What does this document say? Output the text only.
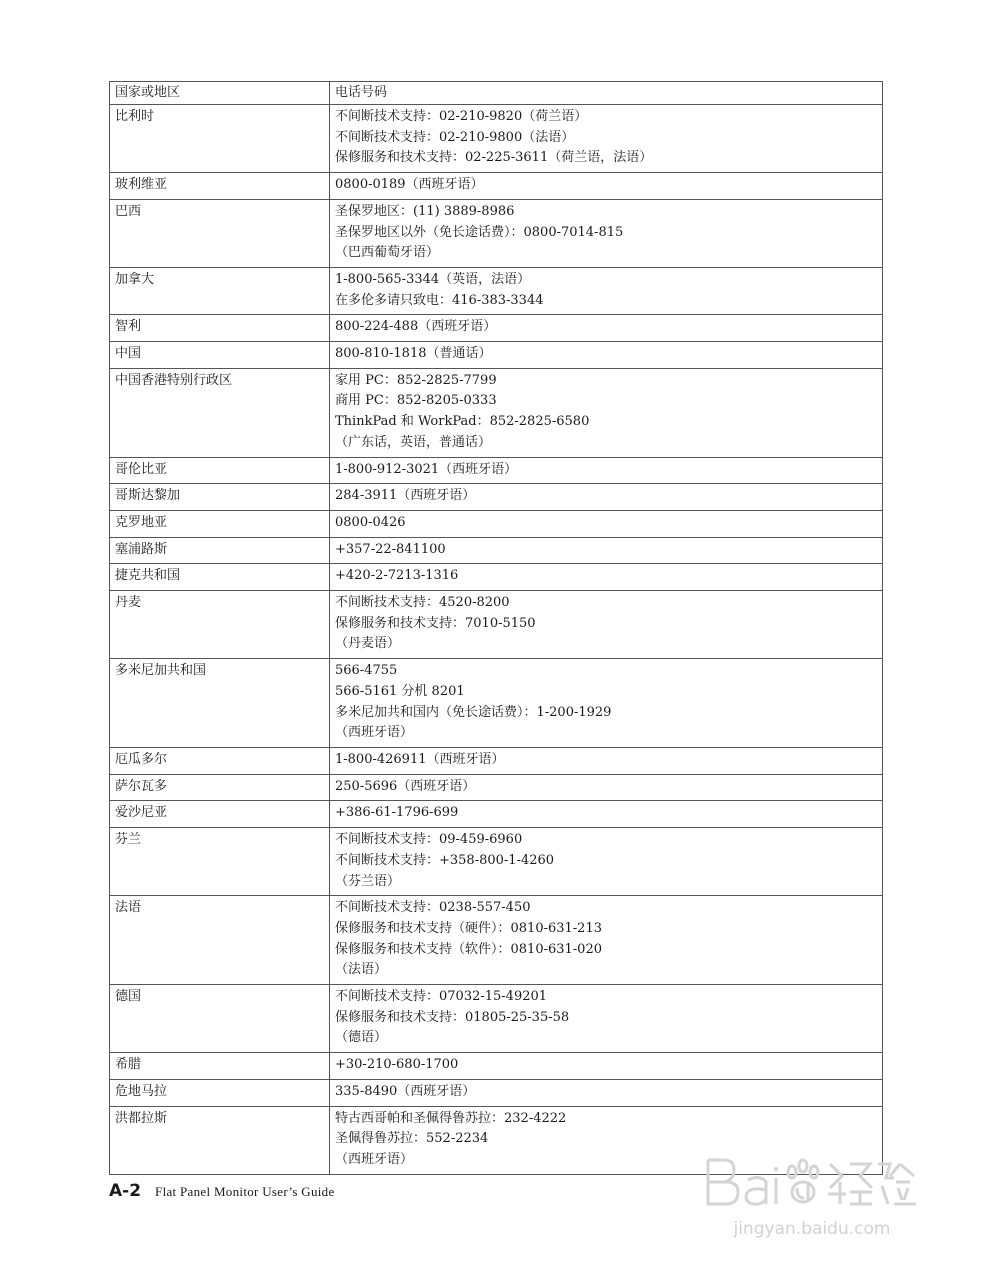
国家或地区	电话号码
比利时	不间断技术支持：02-210-9820（荷兰语）
不间断技术支持：02-210-9800（法语）
保修服务和技术支持：02-225-3611（荷兰语，法语）

玻利维亚	0800-0189（西班牙语）

巴西	圣保罗地区：(11) 3889-8986
圣保罗地区以外（免长途话费）：0800-7014-815
（巴西葡萄牙语）

加拿大	1-800-565-3344（英语，法语）
在多伦多请只致电：416-383-3344

智利	800-224-488（西班牙语）

中国	800-810-1818（普通话）

中国香港特别行政区	家用 PC：852-2825-7799
商用 PC：852-8205-0333
ThinkPad 和 WorkPad：852-2825-6580
（广东话，英语，普通话）

哥伦比亚	1-800-912-3021（西班牙语）

哥斯达黎加	284-3911（西班牙语）

克罗地亚	0800-0426

塞浦路斯	+357-22-841100

捷克共和国	+420-2-7213-1316

丹麦	不间断技术支持：4520-8200
保修服务和技术支持：7010-5150
（丹麦语）

多米尼加共和国	566-4755
566-5161 分机 8201
多米尼加共和国内（免长途话费）：1-200-1929
（西班牙语）

厄瓜多尔	1-800-426911（西班牙语）

萨尔瓦多	250-5696（西班牙语）

爱沙尼亚	+386-61-1796-699

芬兰	不间断技术支持：09-459-6960
不间断技术支持：+358-800-1-4260
（芬兰语）

法语	不间断技术支持：0238-557-450
保修服务和技术支持（硬件）：0810-631-213
保修服务和技术支持（软件）：0810-631-020
（法语）

德国	不间断技术支持：07032-15-49201
保修服务和技术支持：01805-25-35-58
（德语）

希腊	+30-210-680-1700

危地马拉	335-8490（西班牙语）

洪都拉斯	特古西哥帕和圣佩得鲁苏拉：232-4222
圣佩得鲁苏拉：552-2234
（西班牙语）
A-2 Flat Panel Monitor User’s Guide
jingyan.baidu.com
